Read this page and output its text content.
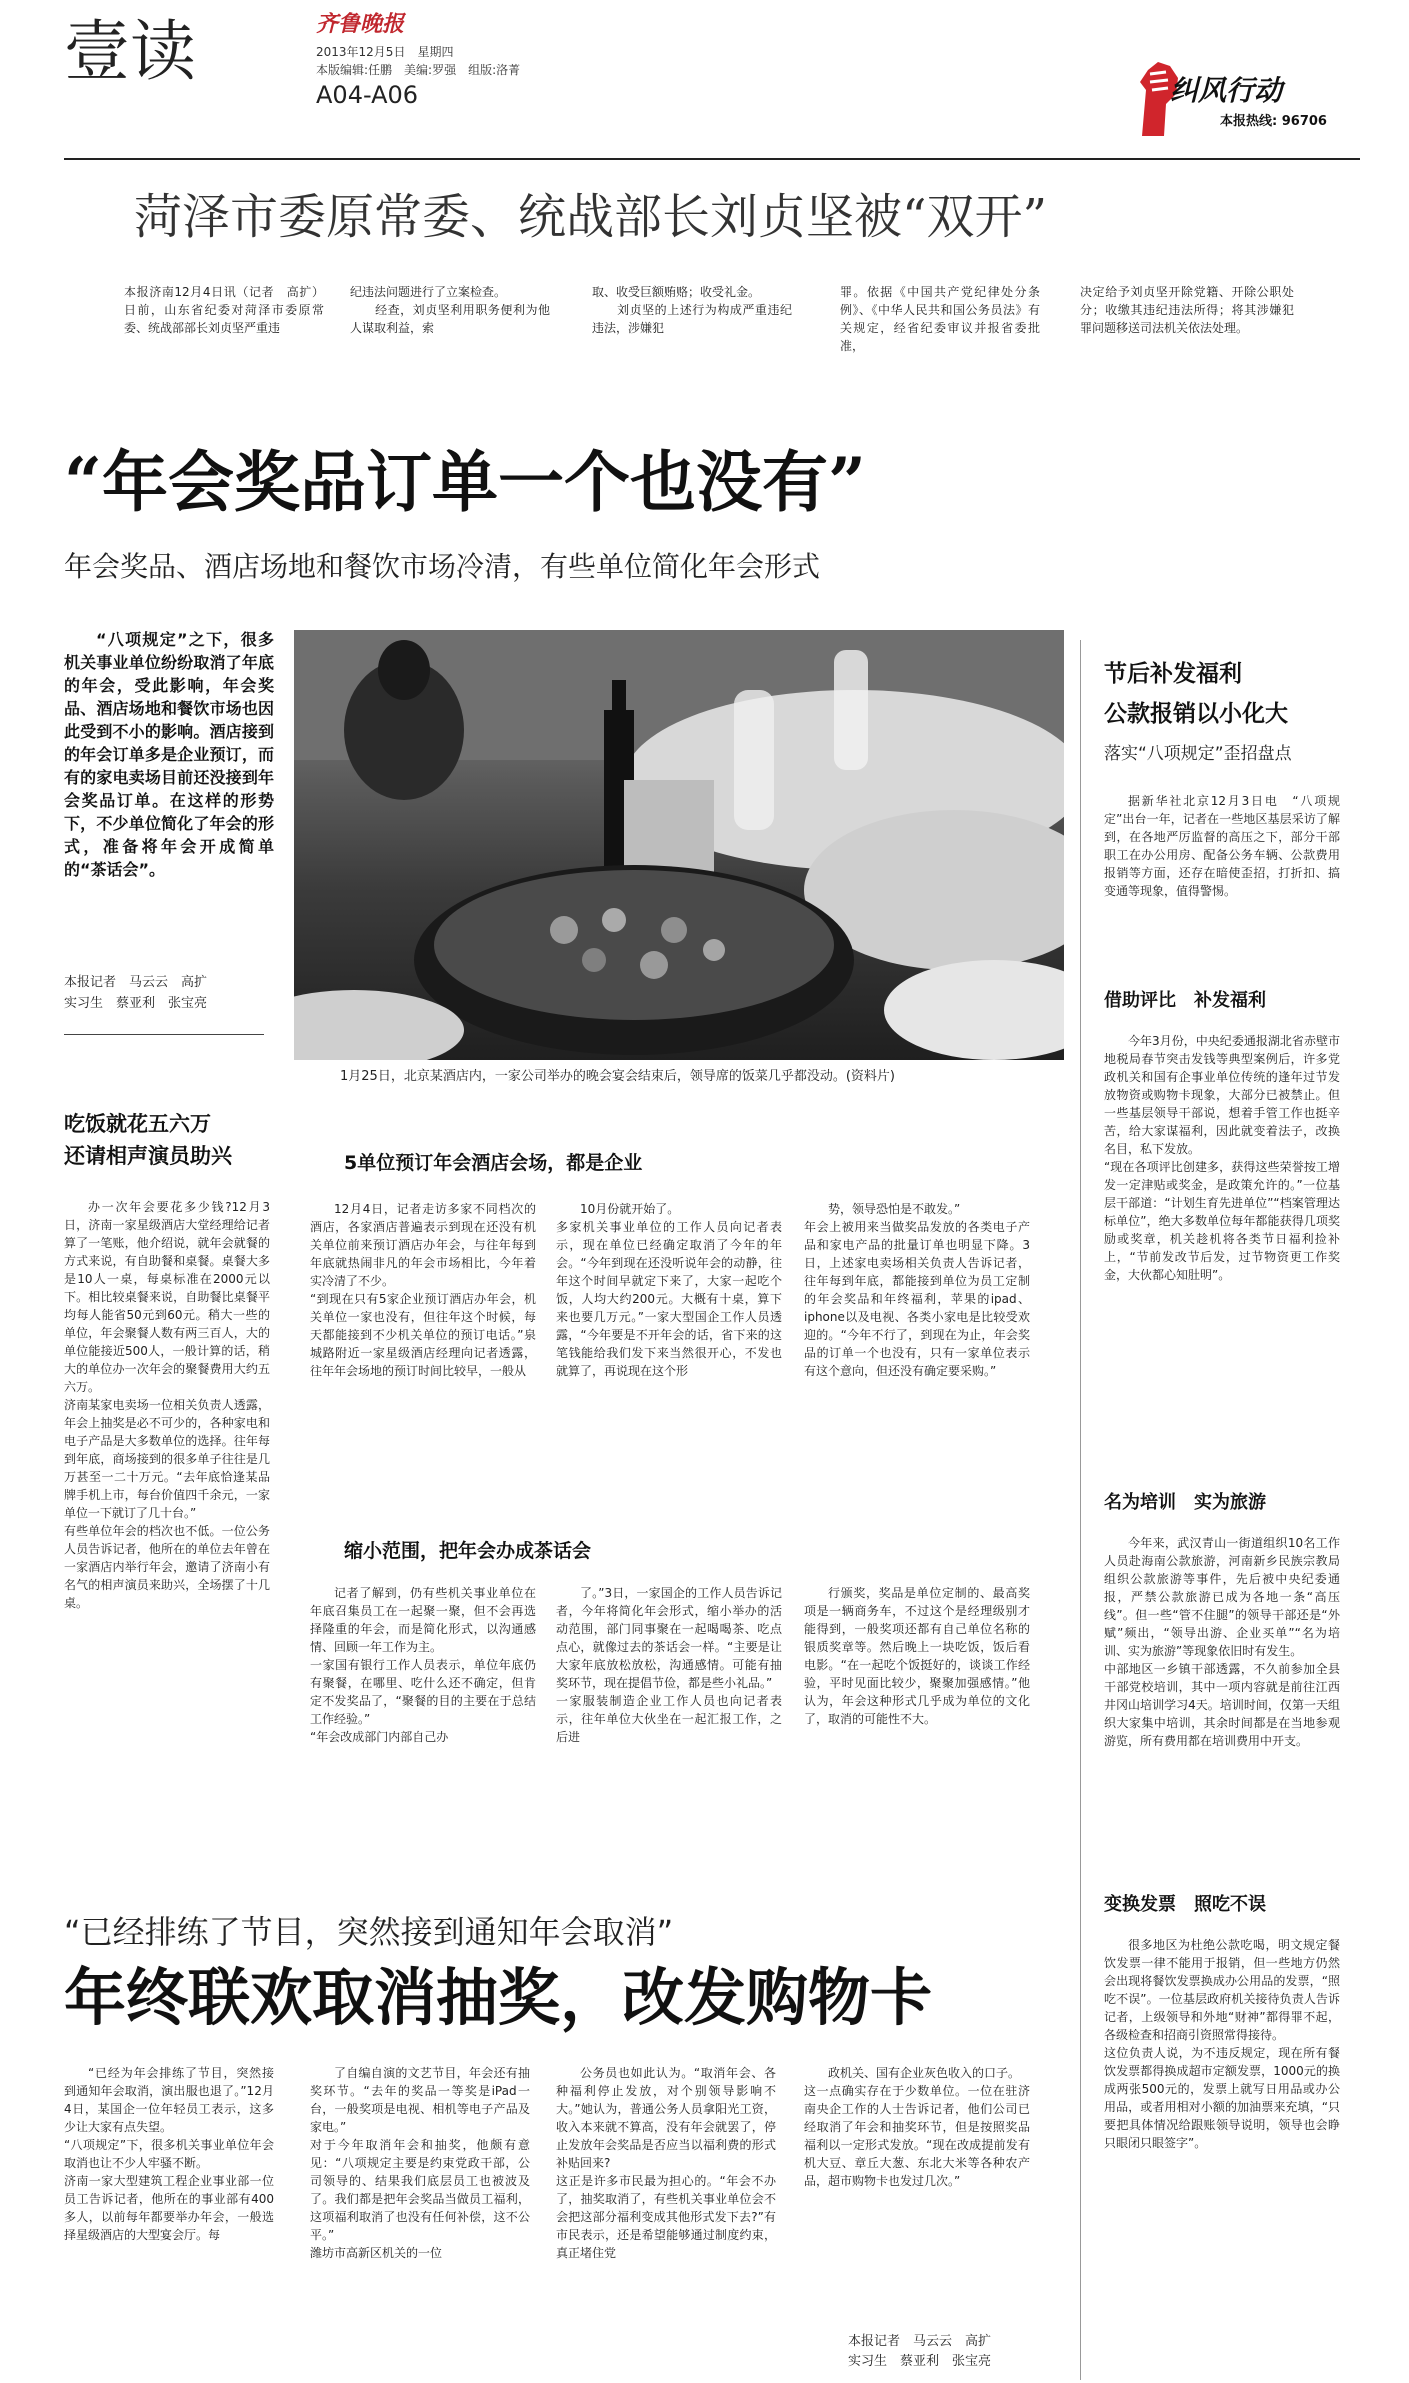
壹读	齐鲁晚报
2013年12月5日　星期四
本版编辑:任鹏　美编:罗强　组版:洛菁
A04-A06	纠风行动
本报热线: 96706
菏泽市委原常委、统战部长刘贞坚被“双开”
本报济南12月4日讯（记者　高扩）日前，山东省纪委对菏泽市委原常委、统战部部长刘贞坚严重违
纪违法问题进行了立案检查。
　　经查，刘贞坚利用职务便利为他人谋取利益，索
取、收受巨额贿赂；收受礼金。
　　刘贞坚的上述行为构成严重违纪违法，涉嫌犯
罪。依据《中国共产党纪律处分条例》、《中华人民共和国公务员法》有关规定，经省纪委审议并报省委批准，
决定给予刘贞坚开除党籍、开除公职处分；收缴其违纪违法所得；将其涉嫌犯罪问题移送司法机关依法处理。
“年会奖品订单一个也没有”
年会奖品、酒店场地和餐饮市场冷清，有些单位简化年会形式
“八项规定”之下，很多机关事业单位纷纷取消了年底的年会，受此影响，年会奖品、酒店场地和餐饮市场也因此受到不小的影响。酒店接到的年会订单多是企业预订，而有的家电卖场目前还没接到年会奖品订单。在这样的形势下，不少单位简化了年会的形式，准备将年会开成简单的“茶话会”。
本报记者　马云云　高扩
实习生　蔡亚利　张宝亮
1月25日，北京某酒店内，一家公司举办的晚会宴会结束后，领导席的饭菜几乎都没动。(资料片)
吃饭就花五六万
还请相声演员助兴
办一次年会要花多少钱?12月3日，济南一家星级酒店大堂经理给记者算了一笔账，他介绍说，就年会就餐的方式来说，有自助餐和桌餐。桌餐大多是10人一桌，每桌标准在2000元以下。相比较桌餐来说，自助餐比桌餐平均每人能省50元到60元。稍大一些的单位，年会聚餐人数有两三百人，大的单位能接近500人，一般计算的话，稍大的单位办一次年会的聚餐费用大约五六万。
济南某家电卖场一位相关负责人透露，年会上抽奖是必不可少的，各种家电和电子产品是大多数单位的选择。往年每到年底，商场接到的很多单子往往是几万甚至一二十万元。“去年底恰逢某品牌手机上市，每台价值四千余元，一家单位一下就订了几十台。”
有些单位年会的档次也不低。一位公务人员告诉记者，他所在的单位去年曾在一家酒店内举行年会，邀请了济南小有名气的相声演员来助兴，全场摆了十几桌。
5单位预订年会酒店会场，都是企业
12月4日，记者走访多家不同档次的酒店，各家酒店普遍表示到现在还没有机关单位前来预订酒店办年会，与往年每到年底就热闹非凡的年会市场相比，今年着实冷清了不少。
“到现在只有5家企业预订酒店办年会，机关单位一家也没有，但往年这个时候，每天都能接到不少机关单位的预订电话。”泉城路附近一家星级酒店经理向记者透露，往年年会场地的预订时间比较早，一般从
10月份就开始了。
多家机关事业单位的工作人员向记者表示，现在单位已经确定取消了今年的年会。“今年到现在还没听说年会的动静，往年这个时间早就定下来了，大家一起吃个饭，人均大约200元。大概有十桌，算下来也要几万元。”一家大型国企工作人员透露，“今年要是不开年会的话，省下来的这笔钱能给我们发下来当然很开心，不发也就算了，再说现在这个形
势，领导恐怕是不敢发。”
年会上被用来当做奖品发放的各类电子产品和家电产品的批量订单也明显下降。3日，上述家电卖场相关负责人告诉记者，往年每到年底，都能接到单位为员工定制的年会奖品和年终福利，苹果的ipad、iphone以及电视、各类小家电是比较受欢迎的。“今年不行了，到现在为止，年会奖品的订单一个也没有，只有一家单位表示有这个意向，但还没有确定要采购。”
缩小范围，把年会办成茶话会
记者了解到，仍有些机关事业单位在年底召集员工在一起聚一聚，但不会再选择隆重的年会，而是简化形式，以沟通感情、回顾一年工作为主。
一家国有银行工作人员表示，单位年底仍有聚餐，在哪里、吃什么还不确定，但肯定不发奖品了，“聚餐的目的主要在于总结工作经验。”
“年会改成部门内部自己办
了。”3日，一家国企的工作人员告诉记者，今年将简化年会形式，缩小举办的活动范围，部门同事聚在一起喝喝茶、吃点点心，就像过去的茶话会一样。“主要是让大家年底放松放松，沟通感情。可能有抽奖环节，现在提倡节俭，都是些小礼品。”
一家服装制造企业工作人员也向记者表示，往年单位大伙坐在一起汇报工作，之后进
行颁奖，奖品是单位定制的、最高奖项是一辆商务车，不过这个是经理级别才能得到，一般奖项还都有自己单位名称的银质奖章等。然后晚上一块吃饭，饭后看电影。“在一起吃个饭挺好的，谈谈工作经验，平时见面比较少，聚聚加强感情。”他认为，年会这种形式几乎成为单位的文化了，取消的可能性不大。
“已经排练了节目，突然接到通知年会取消”
年终联欢取消抽奖，改发购物卡
“已经为年会排练了节目，突然接到通知年会取消，演出服也退了。”12月4日，某国企一位年轻员工表示，这多少让大家有点失望。
“八项规定”下，很多机关事业单位年会取消也让不少人牢骚不断。
济南一家大型建筑工程企业事业部一位员工告诉记者，他所在的事业部有400多人，以前每年都要举办年会，一般选择星级酒店的大型宴会厅。每
了自编自演的文艺节目，年会还有抽奖环节。“去年的奖品一等奖是iPad一台，一般奖项是电视、相机等电子产品及家电。”
对于今年取消年会和抽奖，他颇有意见：“八项规定主要是约束党政干部，公司领导的、结果我们底层员工也被波及了。我们都是把年会奖品当做员工福利，这项福利取消了也没有任何补偿，这不公平。”
潍坊市高新区机关的一位
公务员也如此认为。“取消年会、各种福利停止发放，对个别领导影响不大。”她认为，普通公务人员拿阳光工资，收入本来就不算高，没有年会就罢了，停止发放年会奖品是否应当以福利费的形式补贴回来?
这正是许多市民最为担心的。“年会不办了，抽奖取消了，有些机关事业单位会不会把这部分福利变成其他形式发下去?”有市民表示，还是希望能够通过制度约束，真正堵住党
政机关、国有企业灰色收入的口子。
这一点确实存在于少数单位。一位在驻济南央企工作的人士告诉记者，他们公司已经取消了年会和抽奖环节，但是按照奖品福利以一定形式发放。“现在改成提前发有机大豆、章丘大葱、东北大米等各种农产品，超市购物卡也发过几次。”
本报记者　马云云　高扩
实习生　蔡亚利　张宝亮
节后补发福利
公款报销以小化大
落实“八项规定”歪招盘点
据新华社北京12月3日电　“八项规定”出台一年，记者在一些地区基层采访了解到，在各地严厉监督的高压之下，部分干部职工在办公用房、配备公务车辆、公款费用报销等方面，还存在暗使歪招，打折扣、搞变通等现象，值得警惕。
借助评比　补发福利
今年3月份，中央纪委通报湖北省赤壁市地税局春节突击发钱等典型案例后，许多党政机关和国有企事业单位传统的逢年过节发放物资或购物卡现象，大部分已被禁止。但一些基层领导干部说，想着手管工作也挺辛苦，给大家谋福利，因此就变着法子，改换名目，私下发放。
“现在各项评比创建多，获得这些荣誉按工增发一定津贴或奖金，是政策允许的。”一位基层干部道：“计划生育先进单位”“档案管理达标单位”，绝大多数单位每年都能获得几项奖励或奖章，机关趁机将各类节日福利捡补上，“节前发改节后发，过节物资更工作奖金，大伙都心知肚明”。
名为培训　实为旅游
今年来，武汉青山一街道组织10名工作人员赴海南公款旅游，河南新乡民族宗教局组织公款旅游等事件，先后被中央纪委通报，严禁公款旅游已成为各地一条“高压线”。但一些“管不住腿”的领导干部还是“外赋”频出，“领导出游、企业买单”“名为培训、实为旅游”等现象依旧时有发生。
中部地区一乡镇干部透露，不久前参加全县干部党校培训，其中一项内容就是前往江西井冈山培训学习4天。培训时间，仅第一天组织大家集中培训，其余时间都是在当地参观游览，所有费用都在培训费用中开支。
变换发票　照吃不误
很多地区为杜绝公款吃喝，明文规定餐饮发票一律不能用于报销，但一些地方仍然会出现将餐饮发票换成办公用品的发票，“照吃不误”。一位基层政府机关接待负责人告诉记者，上级领导和外地“财神”都得罪不起，各级检查和招商引资照常得接待。
这位负责人说，为不违反规定，现在所有餐饮发票都得换成超市定额发票，1000元的换成两张500元的，发票上就写日用品或办公用品，或者用相对小额的加油票来充填，“只要把具体情况给跟账领导说明，领导也会睁只眼闭只眼签字”。
